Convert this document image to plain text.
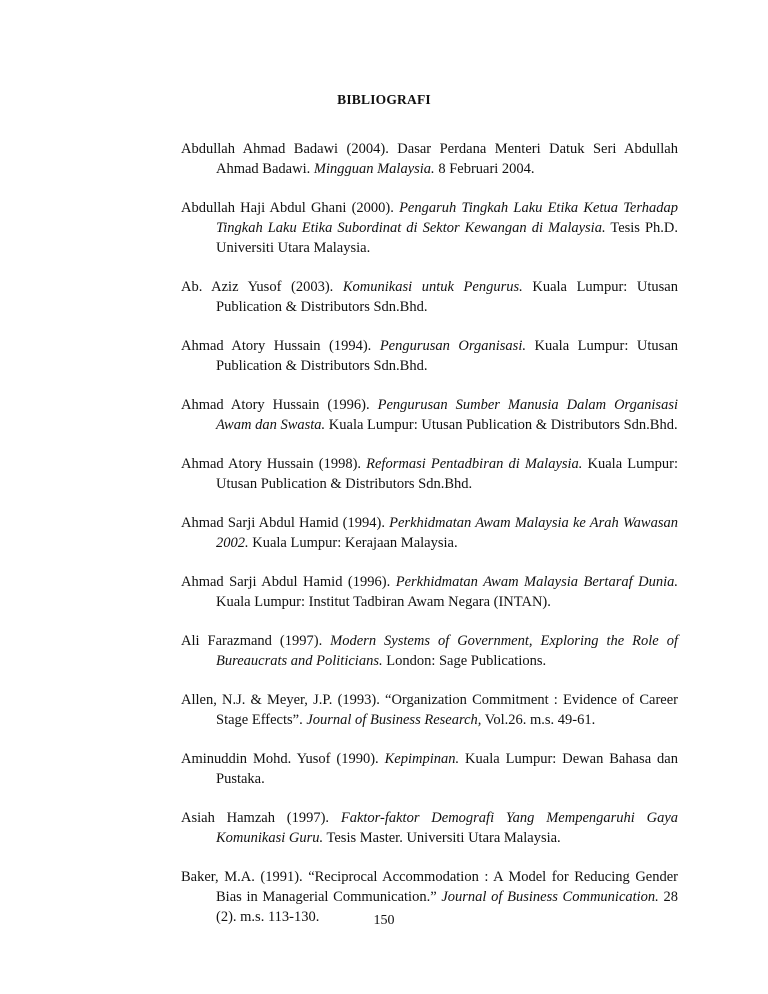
BIBLIOGRAFI

Abdullah Ahmad Badawi (2004). Dasar Perdana Menteri Datuk Seri Abdullah Ahmad Badawi. Mingguan Malaysia. 8 Februari 2004.

Abdullah Haji Abdul Ghani (2000). Pengaruh Tingkah Laku Etika Ketua Terhadap Tingkah Laku Etika Subordinat di Sektor Kewangan di Malaysia. Tesis Ph.D. Universiti Utara Malaysia.

Ab. Aziz Yusof (2003). Komunikasi untuk Pengurus. Kuala Lumpur: Utusan Publication & Distributors Sdn.Bhd.

Ahmad Atory Hussain (1994). Pengurusan Organisasi. Kuala Lumpur: Utusan Publication & Distributors Sdn.Bhd.

Ahmad Atory Hussain (1996). Pengurusan Sumber Manusia Dalam Organisasi Awam dan Swasta. Kuala Lumpur: Utusan Publication & Distributors Sdn.Bhd.

Ahmad Atory Hussain (1998). Reformasi Pentadbiran di Malaysia. Kuala Lumpur: Utusan Publication & Distributors Sdn.Bhd.

Ahmad Sarji Abdul Hamid (1994). Perkhidmatan Awam Malaysia ke Arah Wawasan 2002. Kuala Lumpur: Kerajaan Malaysia.

Ahmad Sarji Abdul Hamid (1996). Perkhidmatan Awam Malaysia Bertaraf Dunia. Kuala Lumpur: Institut Tadbiran Awam Negara (INTAN).

Ali Farazmand (1997). Modern Systems of Government, Exploring the Role of Bureaucrats and Politicians. London: Sage Publications.

Allen, N.J. & Meyer, J.P. (1993). “Organization Commitment : Evidence of Career Stage Effects”. Journal of Business Research, Vol.26. m.s. 49-61.

Aminuddin Mohd. Yusof (1990). Kepimpinan. Kuala Lumpur: Dewan Bahasa dan Pustaka.

Asiah Hamzah (1997). Faktor-faktor Demografi Yang Mempengaruhi Gaya Komunikasi Guru. Tesis Master. Universiti Utara Malaysia.

Baker, M.A. (1991). “Reciprocal Accommodation : A Model for Reducing Gender Bias in Managerial Communication.” Journal of Business Communication. 28 (2). m.s. 113-130.	150
